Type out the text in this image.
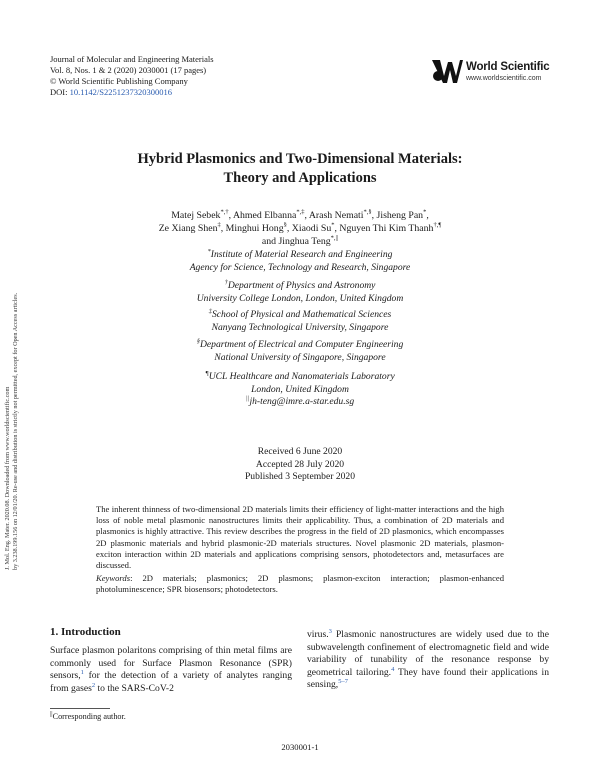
Journal of Molecular and Engineering Materials
Vol. 8, Nos. 1 & 2 (2020) 2030001 (17 pages)
© World Scientific Publishing Company
DOI: 10.1142/S2251237320300016
World Scientific
www.worldscientific.com
J. Mol. Eng. Mater. 2020.08. Downloaded from www.worldscientific.com by 3.238.199.156 on 12/01/20. Re-use and distribution is strictly not permitted, except for Open Access articles.
Hybrid Plasmonics and Two-Dimensional Materials:
Theory and Applications
Matej Sebek*,†, Ahmed Elbanna*,‡, Arash Nemati*,§, Jisheng Pan*,
Ze Xiang Shen‡, Minghui Hong§, Xiaodi Su*, Nguyen Thi Kim Thanh†,¶
and Jinghua Teng*,||
*Institute of Material Research and Engineering
Agency for Science, Technology and Research, Singapore
†Department of Physics and Astronomy
University College London, London, United Kingdom
‡School of Physical and Mathematical Sciences
Nanyang Technological University, Singapore
§Department of Electrical and Computer Engineering
National University of Singapore, Singapore
¶UCL Healthcare and Nanomaterials Laboratory
London, United Kingdom
||jh-teng@imre.a-star.edu.sg
Received 6 June 2020
Accepted 28 July 2020
Published 3 September 2020
The inherent thinness of two-dimensional 2D materials limits their efficiency of light-matter interactions and the high loss of noble metal plasmonic nanostructures limits their applicability. Thus, a combination of 2D materials and plasmonics is highly attractive. This review describes the progress in the field of 2D plasmonics, which encompasses 2D plasmonic materials and hybrid plasmonic-2D materials structures. Novel plasmonic 2D materials, plasmon-exciton interaction within 2D materials and applications comprising sensors, photodetectors and, metasurfaces are discussed.
Keywords: 2D materials; plasmonics; 2D plasmons; plasmon-exciton interaction; plasmon-enhanced photoluminescence; SPR biosensors; photodetectors.
1. Introduction
Surface plasmon polaritons comprising of thin metal films are commonly used for Surface Plasmon Resonance (SPR) sensors,$^1$ for the detection of a variety of analytes ranging from gases$^2$ to the SARS-CoV-2
virus.$^3$ Plasmonic nanostructures are widely used due to the subwavelength confinement of electromagnetic field and wide variability of tunability of the resonance response by geometrical tailoring.$^4$ They have found their applications in sensing,$^{5-7}$
||Corresponding author.
2030001-1
